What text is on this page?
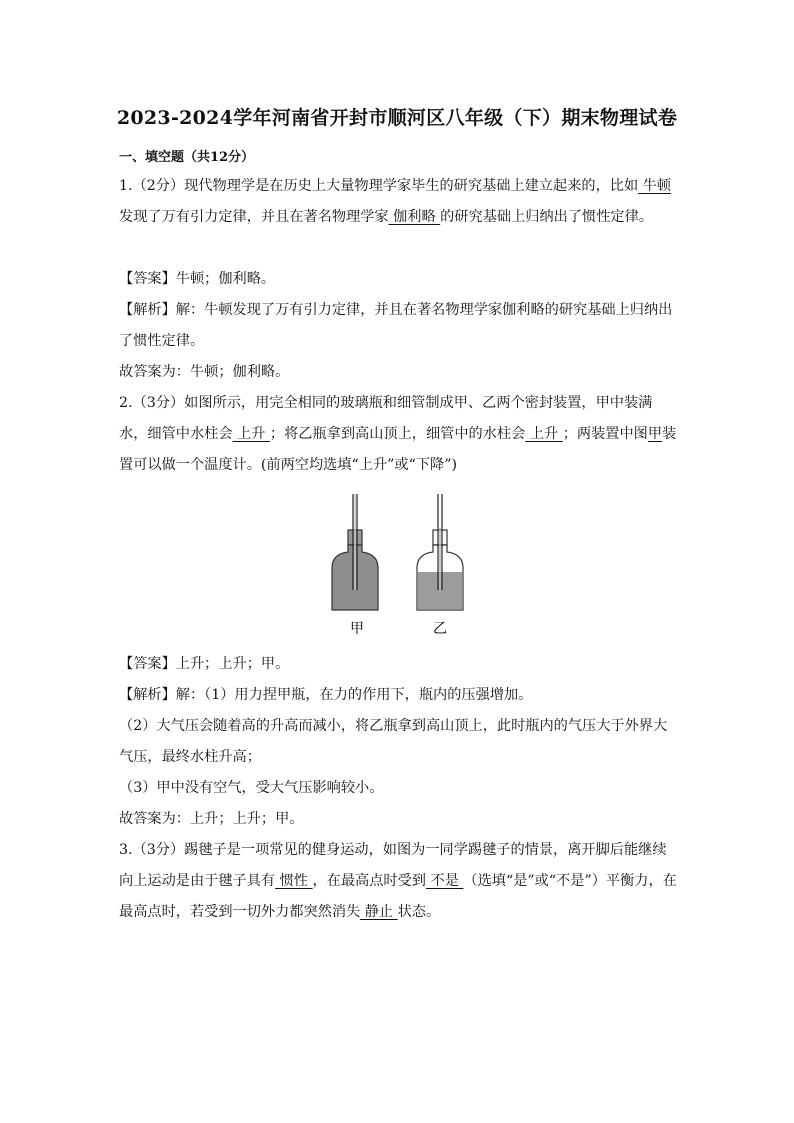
2023-2024学年河南省开封市顺河区八年级（下）期末物理试卷
一、填空题（共12分）
1.（2分）现代物理学是在历史上大量物理学家毕生的研究基础上建立起来的，比如 牛顿 发现了万有引力定律，并且在著名物理学家 伽利略 的研究基础上归纳出了惯性定律。
【答案】牛顿；伽利略。
【解析】解：牛顿发现了万有引力定律，并且在著名物理学家伽利略的研究基础上归纳出了惯性定律。
故答案为：牛顿；伽利略。
2.（3分）如图所示，用完全相同的玻璃瓶和细管制成甲、乙两个密封装置，甲中装满水，细管中水柱会 上升 ；将乙瓶拿到高山顶上，细管中的水柱会 上升 ；两装置中图甲装置可以做一个温度计。(前两空均选填“上升”或“下降”)
甲	乙
【答案】上升；上升；甲。
【解析】解：（1）用力捏甲瓶，在力的作用下，瓶内的压强增加。
（2）大气压会随着高的升高而减小，将乙瓶拿到高山顶上，此时瓶内的气压大于外界大气压，最终水柱升高；
（3）甲中没有空气，受大气压影响较小。
故答案为：上升；上升；甲。
3.（3分）踢毽子是一项常见的健身运动，如图为一同学踢毽子的情景，离开脚后能继续向上运动是由于毽子具有 惯性 ，在最高点时受到 不是 （选填“是”或“不是”）平衡力，在最高点时，若受到一切外力都突然消失 静止 状态。
